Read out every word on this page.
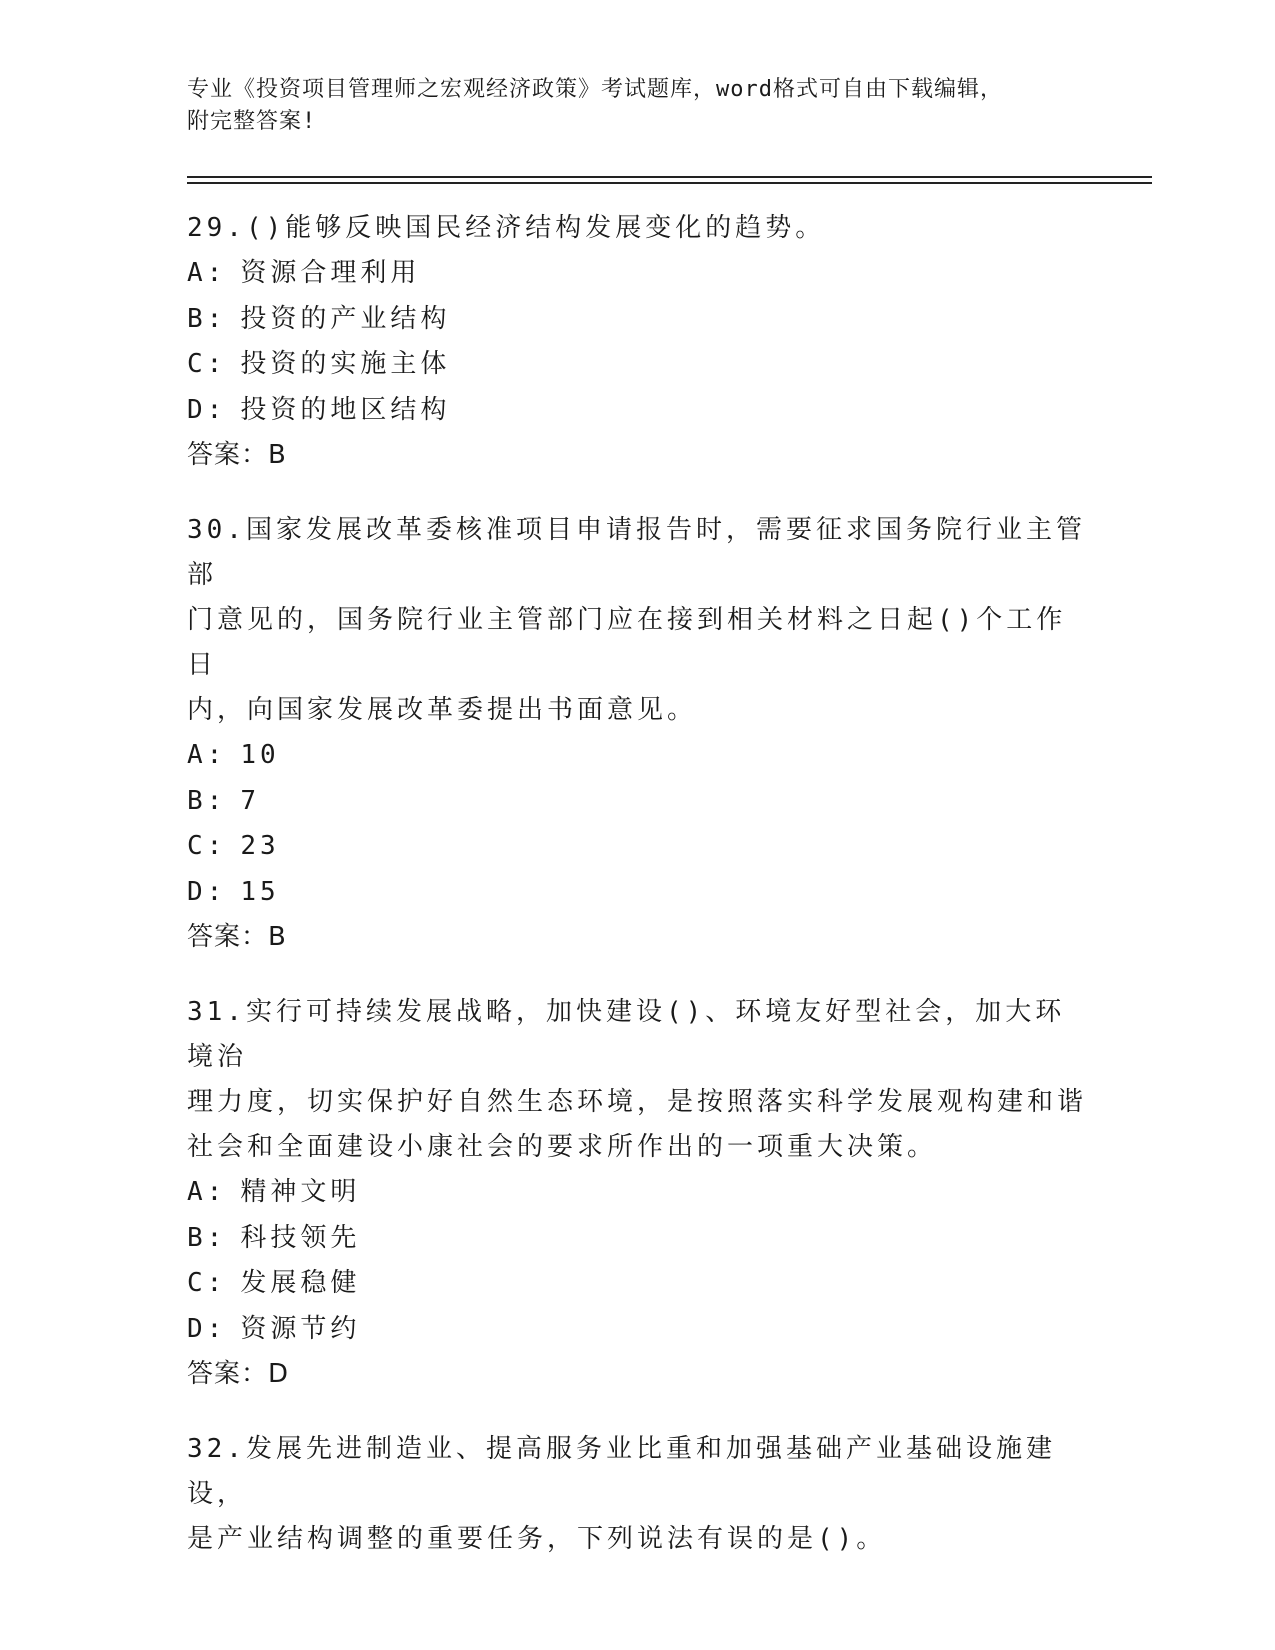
专业《投资项目管理师之宏观经济政策》考试题库，word格式可自由下载编辑，
附完整答案!
29.()能够反映国民经济结构发展变化的趋势。
A : 资源合理利用
B : 投资的产业结构
C : 投资的实施主体
D : 投资的地区结构
答案：B
30.国家发展改革委核准项目申请报告时，需要征求国务院行业主管部
门意见的，国务院行业主管部门应在接到相关材料之日起()个工作日
内，向国家发展改革委提出书面意见。
A : 10
B : 7
C : 23
D : 15
答案：B
31.实行可持续发展战略，加快建设()、环境友好型社会，加大环境治
理力度，切实保护好自然生态环境，是按照落实科学发展观构建和谐
社会和全面建设小康社会的要求所作出的一项重大决策。
A : 精神文明
B : 科技领先
C : 发展稳健
D : 资源节约
答案：D
32.发展先进制造业、提高服务业比重和加强基础产业基础设施建设，
是产业结构调整的重要任务，下列说法有误的是()。
